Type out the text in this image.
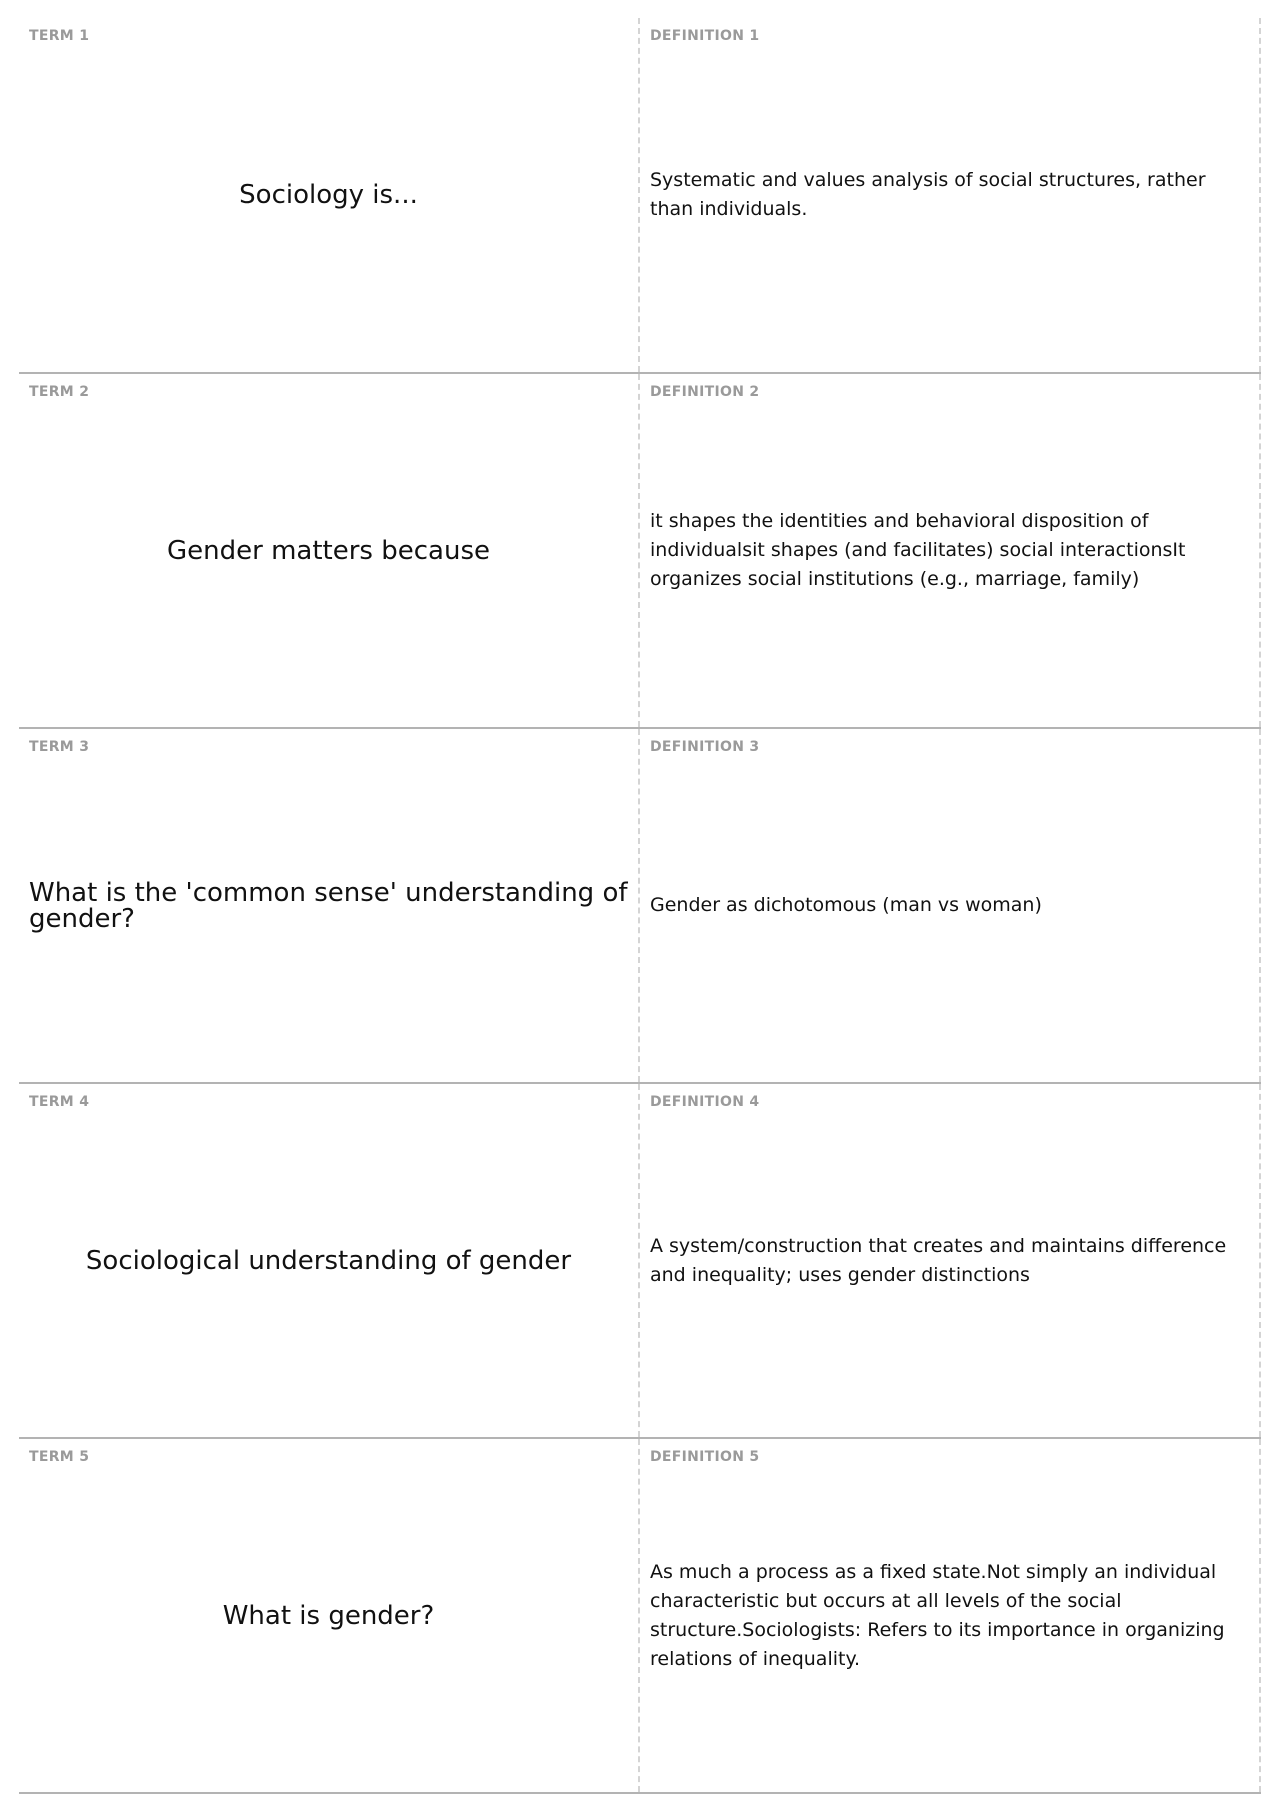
TERM 1
Sociology is...
DEFINITION 1
Systematic and values analysis of social structures, rather than individuals.
TERM 2
Gender matters because
DEFINITION 2
it shapes the identities and behavioral disposition of individualsit shapes (and facilitates) social interactionsIt organizes social institutions (e.g., marriage, family)
TERM 3
What is the 'common sense' understanding of gender?
DEFINITION 3
Gender as dichotomous (man vs woman)
TERM 4
Sociological understanding of gender
DEFINITION 4
A system/construction that creates and maintains difference and inequality; uses gender distinctions
TERM 5
What is gender?
DEFINITION 5
As much a process as a fixed state.Not simply an individual characteristic but occurs at all levels of the social structure.Sociologists: Refers to its importance in organizing relations of inequality.
